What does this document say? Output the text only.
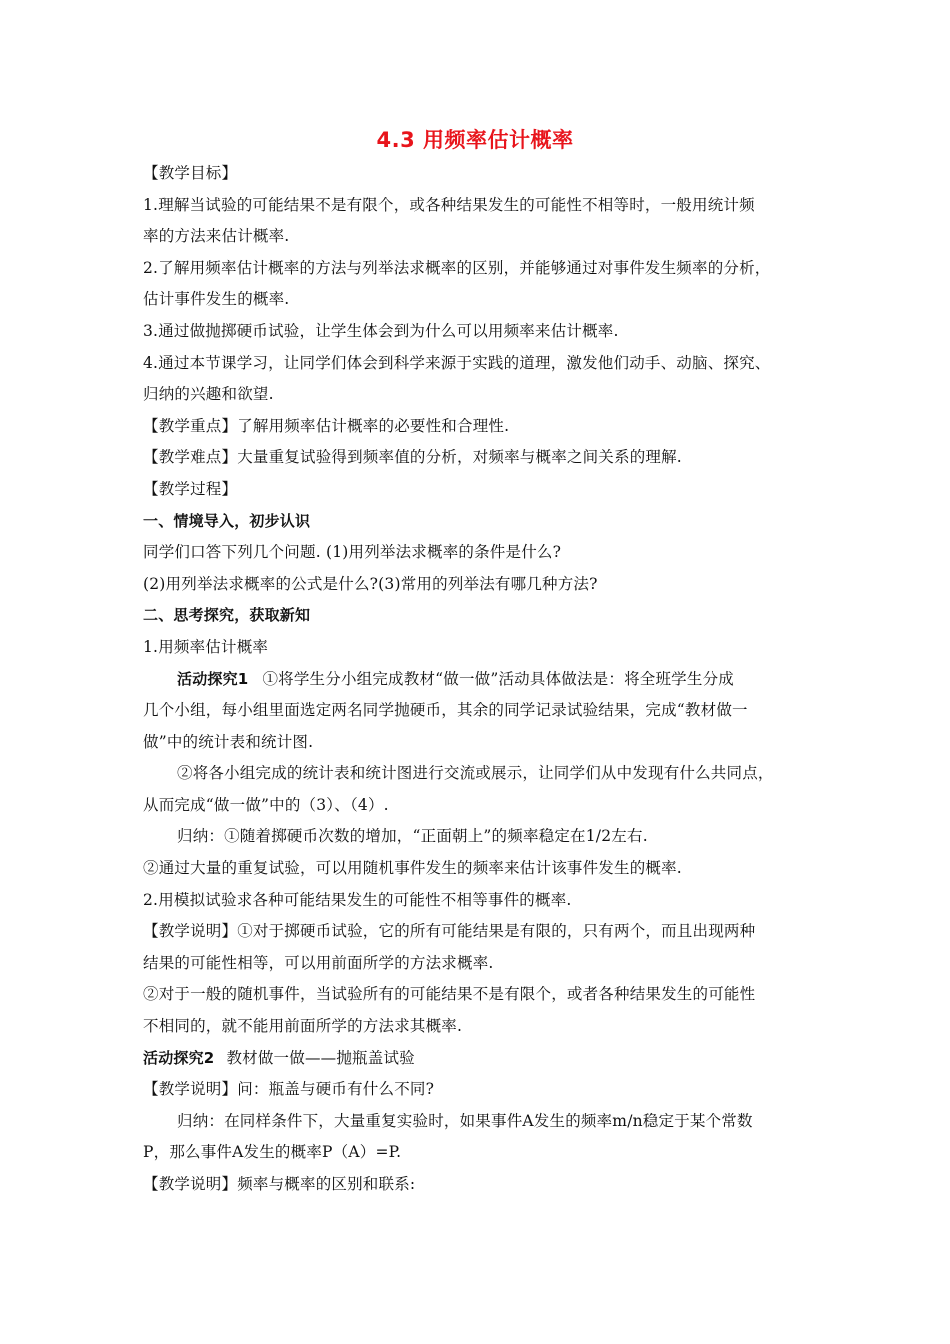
4.3 用频率估计概率
【教学目标】
1.理解当试验的可能结果不是有限个，或各种结果发生的可能性不相等时，一般用统计频
率的方法来估计概率.
2.了解用频率估计概率的方法与列举法求概率的区别，并能够通过对事件发生频率的分析，
估计事件发生的概率.
3.通过做抛掷硬币试验，让学生体会到为什么可以用频率来估计概率.
4.通过本节课学习，让同学们体会到科学来源于实践的道理，激发他们动手、动脑、探究、
归纳的兴趣和欲望.
【教学重点】了解用频率估计概率的必要性和合理性.
【教学难点】大量重复试验得到频率值的分析，对频率与概率之间关系的理解.
【教学过程】
一、情境导入，初步认识
同学们口答下列几个问题. (1)用列举法求概率的条件是什么?
(2)用列举法求概率的公式是什么?(3)常用的列举法有哪几种方法?
二、思考探究，获取新知
1.用频率估计概率
活动探究1 ①将学生分小组完成教材“做一做”活动具体做法是：将全班学生分成
几个小组，每小组里面选定两名同学抛硬币，其余的同学记录试验结果，完成“教材做一
做”中的统计表和统计图.
②将各小组完成的统计表和统计图进行交流或展示，让同学们从中发现有什么共同点，
从而完成“做一做”中的（3）、（4）.
归纳：①随着掷硬币次数的增加，“正面朝上”的频率稳定在1/2左右.
②通过大量的重复试验，可以用随机事件发生的频率来估计该事件发生的概率.
2.用模拟试验求各种可能结果发生的可能性不相等事件的概率.
【教学说明】①对于掷硬币试验，它的所有可能结果是有限的，只有两个，而且出现两种
结果的可能性相等，可以用前面所学的方法求概率.
②对于一般的随机事件，当试验所有的可能结果不是有限个，或者各种结果发生的可能性
不相同的，就不能用前面所学的方法求其概率.
活动探究2 教材做一做——抛瓶盖试验
【教学说明】问：瓶盖与硬币有什么不同?
归纳：在同样条件下，大量重复实验时，如果事件A发生的频率m/n稳定于某个常数
P，那么事件A发生的概率P（A）=P.
【教学说明】频率与概率的区别和联系:
